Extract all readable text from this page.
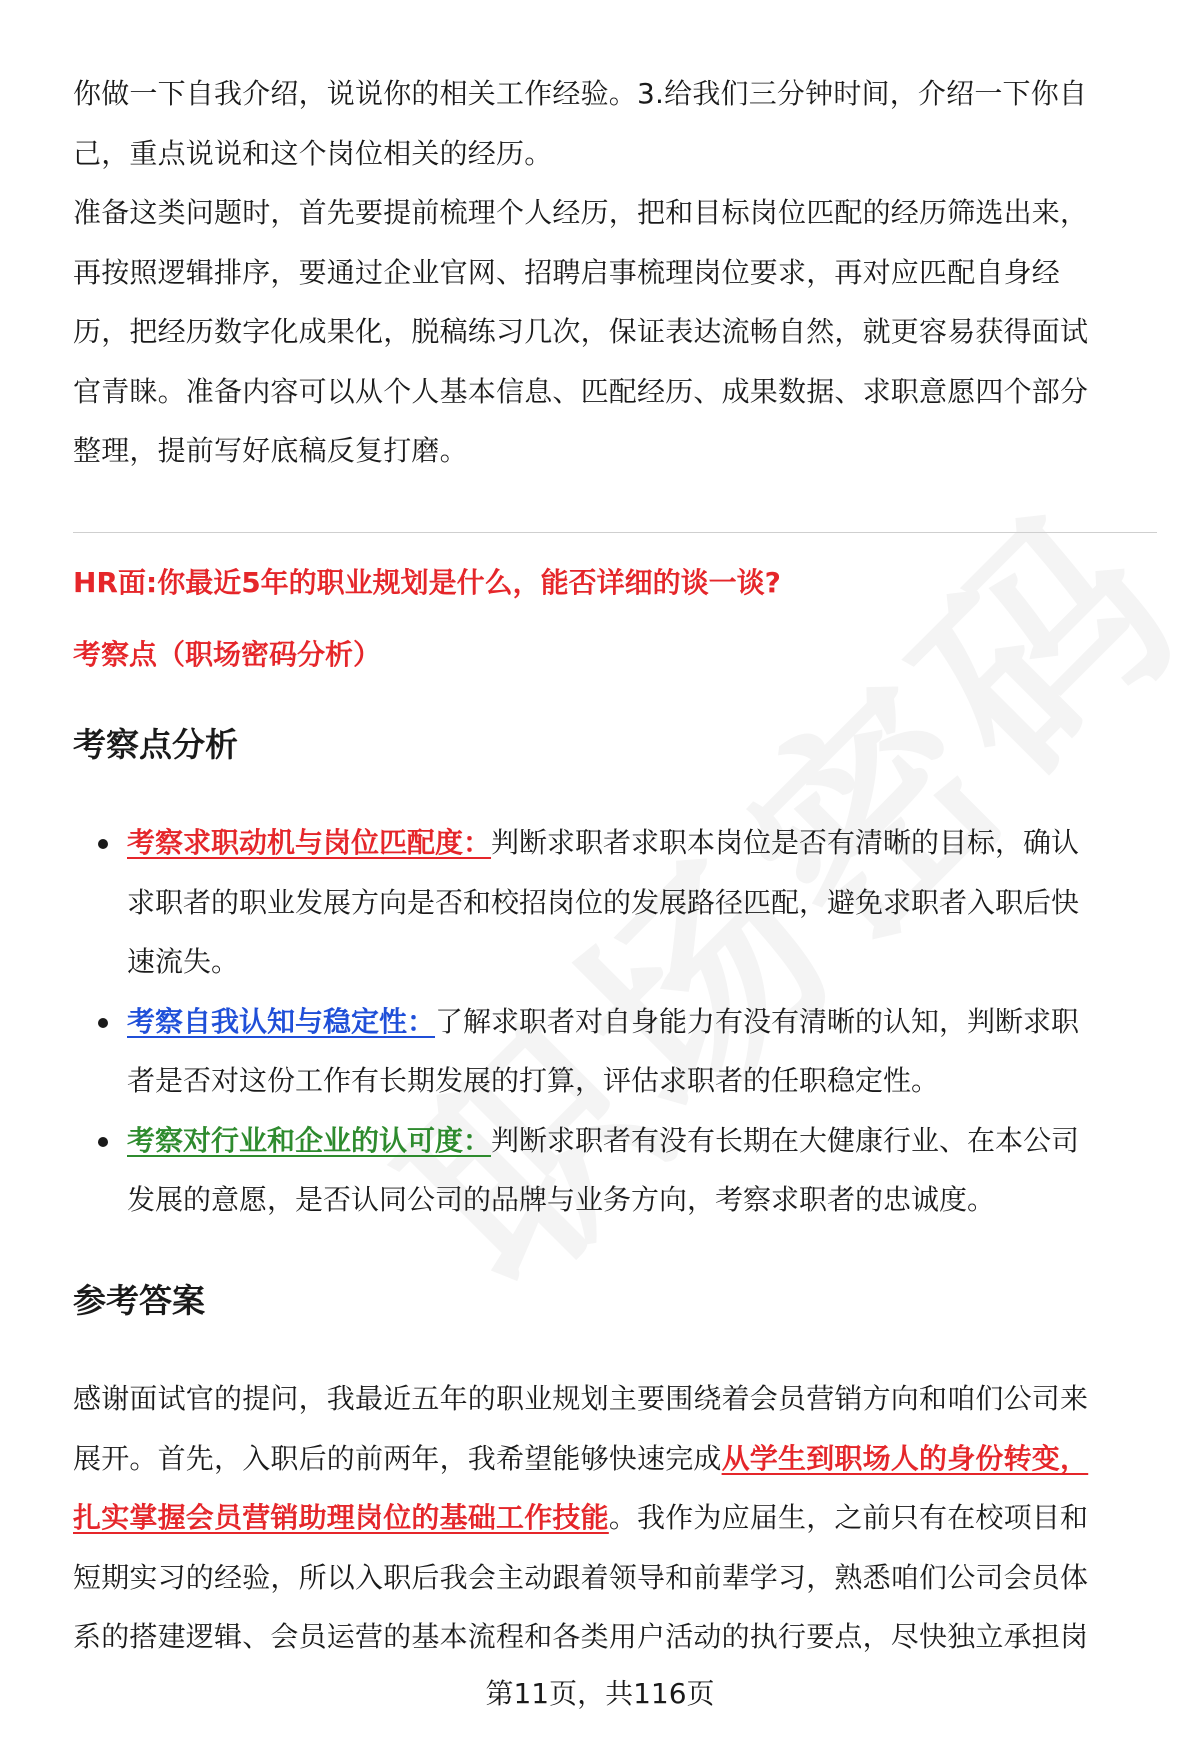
你做一下自我介绍，说说你的相关工作经验。3.给我们三分钟时间，介绍一下你自

己，重点说说和这个岗位相关的经历。

准备这类问题时，首先要提前梳理个人经历，把和目标岗位匹配的经历筛选出来，

再按照逻辑排序，要通过企业官网、招聘启事梳理岗位要求，再对应匹配自身经

历，把经历数字化成果化，脱稿练习几次，保证表达流畅自然，就更容易获得面试

官青睐。准备内容可以从个人基本信息、匹配经历、成果数据、求职意愿四个部分

整理，提前写好底稿反复打磨。

HR面:你最近5年的职业规划是什么，能否详细的谈一谈?

考察点（职场密码分析）

考察点分析

考察求职动机与岗位匹配度：判断求职者求职本岗位是否有清晰的目标，确认
求职者的职业发展方向是否和校招岗位的发展路径匹配，避免求职者入职后快
速流失。
考察自我认知与稳定性：了解求职者对自身能力有没有清晰的认知，判断求职
者是否对这份工作有长期发展的打算，评估求职者的任职稳定性。
考察对行业和企业的认可度：判断求职者有没有长期在大健康行业、在本公司
发展的意愿，是否认同公司的品牌与业务方向，考察求职者的忠诚度。

参考答案

感谢面试官的提问，我最近五年的职业规划主要围绕着会员营销方向和咱们公司来

展开。首先，入职后的前两年，我希望能够快速完成从学生到职场人的身份转变，

扎实掌握会员营销助理岗位的基础工作技能。我作为应届生，之前只有在校项目和

短期实习的经验，所以入职后我会主动跟着领导和前辈学习，熟悉咱们公司会员体

系的搭建逻辑、会员运营的基本流程和各类用户活动的执行要点，尽快独立承担岗

第11页，共116页
